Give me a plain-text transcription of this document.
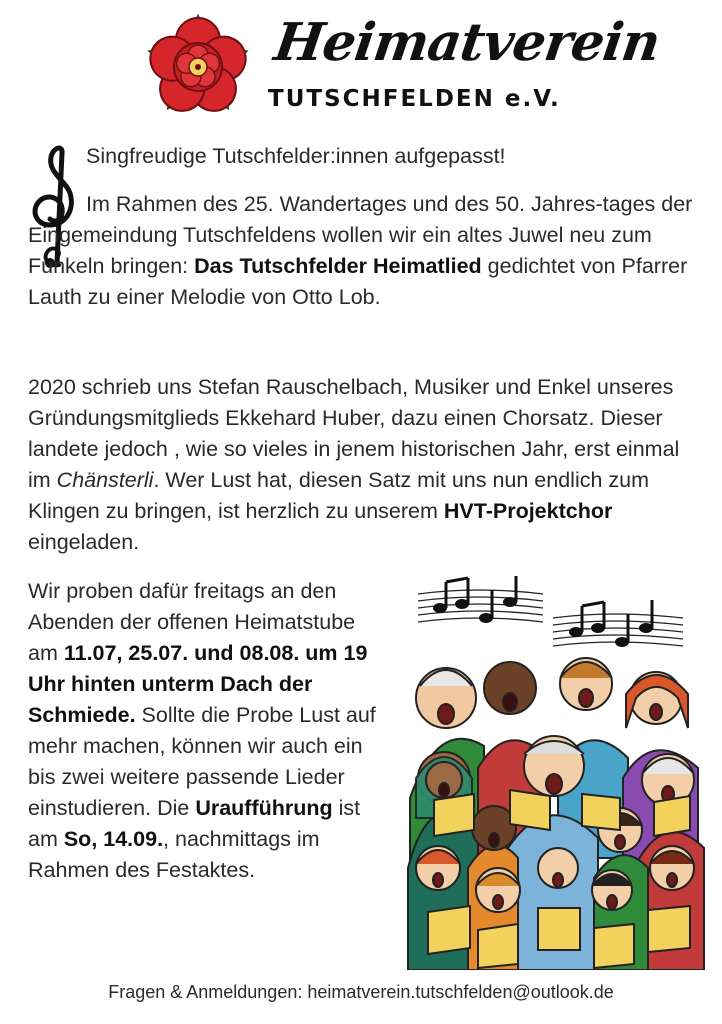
Heimatverein
TUTSCHFELDEN e.V.
Singfreudige Tutschfelder:innen aufgepasst!
Im Rahmen des 25. Wandertages und des 50. Jahres-tages der Eingemeindung Tutschfeldens wollen wir ein altes Juwel neu zum Funkeln bringen: Das Tutschfelder Heimatlied gedichtet von Pfarrer Lauth zu einer Melodie von Otto Lob.
2020 schrieb uns Stefan Rauschelbach, Musiker und Enkel unseres Gründungsmitglieds Ekkehard Huber, dazu einen Chorsatz. Dieser landete jedoch , wie so vieles in jenem historischen Jahr, erst einmal im Chänsterli. Wer Lust hat, diesen Satz mit uns nun endlich zum Klingen zu bringen, ist herzlich zu unserem HVT-Projektchor eingeladen.
Wir proben dafür freitags an den Abenden der offenen Heimatstube am 11.07, 25.07. und 08.08. um 19 Uhr hinten unterm Dach der Schmiede. Sollte die Probe Lust auf mehr machen, können wir auch ein bis zwei weitere passende Lieder einstudieren. Die Uraufführung ist am So, 14.09., nachmittags im Rahmen des Festaktes.
Fragen & Anmeldungen: heimatverein.tutschfelden@outlook.de
